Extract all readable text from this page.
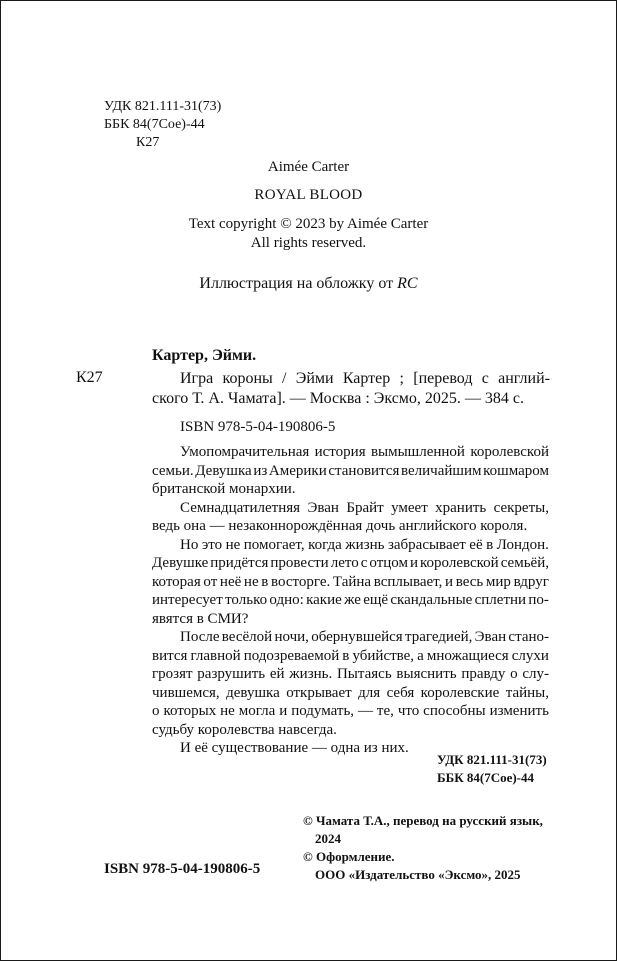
УДК 821.111-31(73)
ББК 84(7Сое)-44
К27
Aimée Carter
ROYAL BLOOD
Text copyright © 2023 by Aimée Carter
All rights reserved.
Иллюстрация на обложку от RC
Картер, Эйми.
К27	Игра короны / Эйми Картер ; [перевод с англий-
ского Т. А. Чамата]. — Москва : Эксмо, 2025. — 384 с.
ISBN 978-5-04-190806-5
Умопомрачительная история вымышленной королевской
семьи. Девушка из Америки становится величайшим кошмаром
британской монархии.
Семнадцатилетняя Эван Брайт умеет хранить секреты,
ведь она — незаконнорождённая дочь английского короля.
Но это не помогает, когда жизнь забрасывает её в Лондон.
Девушке придётся провести лето с отцом и королевской семьёй,
которая от неё не в восторге. Тайна всплывает, и весь мир вдруг
интересует только одно: какие же ещё скандальные сплетни по-
явятся в СМИ?
После весёлой ночи, обернувшейся трагедией, Эван стано-
вится главной подозреваемой в убийстве, а множащиеся слухи
грозят разрушить ей жизнь. Пытаясь выяснить правду о слу-
чившемся, девушка открывает для себя королевские тайны,
о которых не могла и подумать, — те, что способны изменить
судьбу королевства навсегда.
И её существование — одна из них.
УДК 821.111-31(73)
ББК 84(7Сое)-44
© Чамата Т.А., перевод на русский язык,
2024
© Оформление.
ООО «Издательство «Эксмо», 2025
ISBN 978-5-04-190806-5
